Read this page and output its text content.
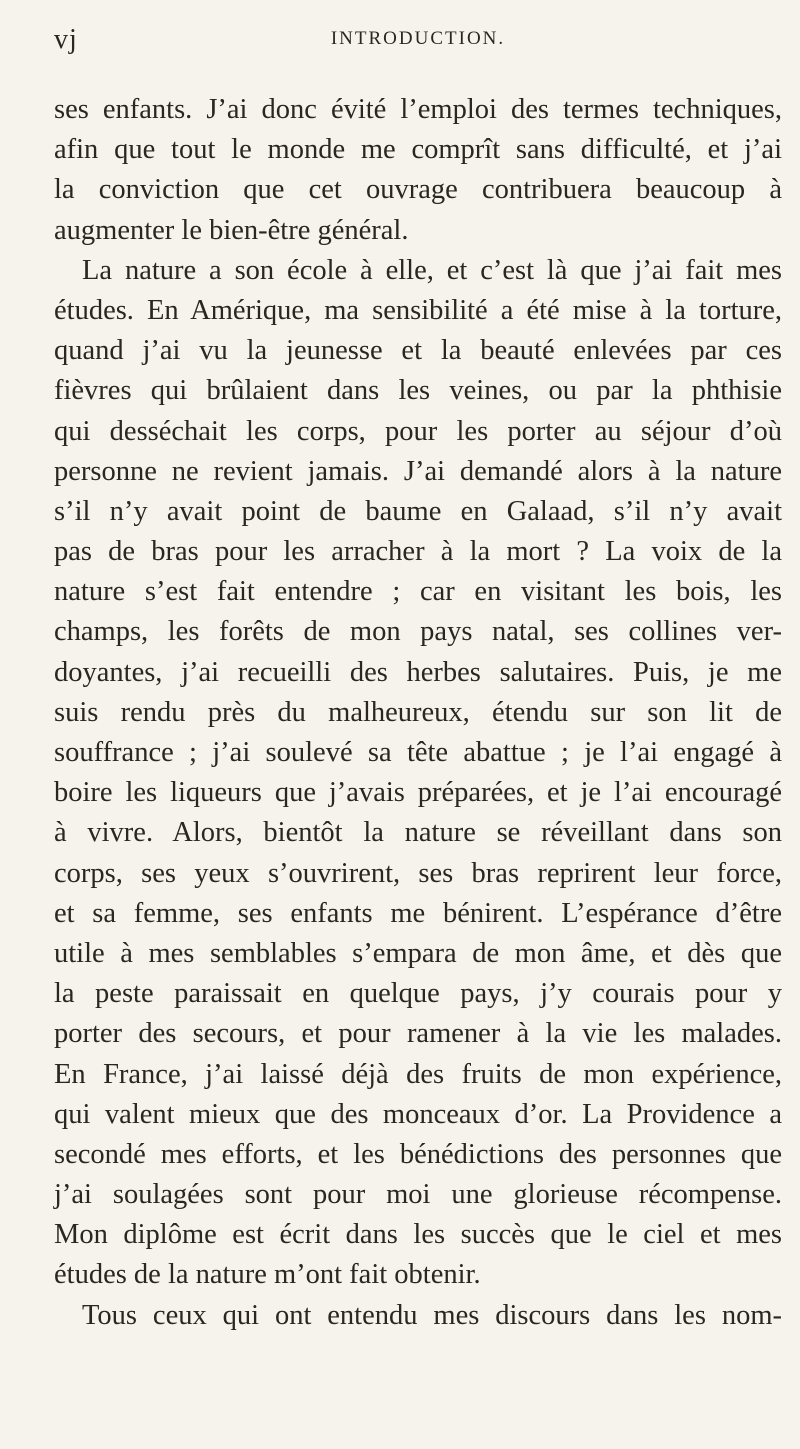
vj	INTRODUCTION.
ses enfants. J’ai donc évité l’emploi des termes techniques,
afin que tout le monde me comprît sans difficulté, et j’ai
la conviction que cet ouvrage contribuera beaucoup à
augmenter le bien-être général.
La nature a son école à elle, et c’est là que j’ai fait mes
études. En Amérique, ma sensibilité a été mise à la torture,
quand j’ai vu la jeunesse et la beauté enlevées par ces
fièvres qui brûlaient dans les veines, ou par la phthisie
qui desséchait les corps, pour les porter au séjour d’où
personne ne revient jamais. J’ai demandé alors à la nature
s’il n’y avait point de baume en Galaad, s’il n’y avait
pas de bras pour les arracher à la mort ? La voix de la
nature s’est fait entendre ; car en visitant les bois, les
champs, les forêts de mon pays natal, ses collines ver-
doyantes, j’ai recueilli des herbes salutaires. Puis, je me
suis rendu près du malheureux, étendu sur son lit de
souffrance ; j’ai soulevé sa tête abattue ; je l’ai engagé à
boire les liqueurs que j’avais préparées, et je l’ai encouragé
à vivre. Alors, bientôt la nature se réveillant dans son
corps, ses yeux s’ouvrirent, ses bras reprirent leur force,
et sa femme, ses enfants me bénirent. L’espérance d’être
utile à mes semblables s’empara de mon âme, et dès que
la peste paraissait en quelque pays, j’y courais pour y
porter des secours, et pour ramener à la vie les malades.
En France, j’ai laissé déjà des fruits de mon expérience,
qui valent mieux que des monceaux d’or. La Providence a
secondé mes efforts, et les bénédictions des personnes que
j’ai soulagées sont pour moi une glorieuse récompense.
Mon diplôme est écrit dans les succès que le ciel et mes
études de la nature m’ont fait obtenir.
Tous ceux qui ont entendu mes discours dans les nom-
